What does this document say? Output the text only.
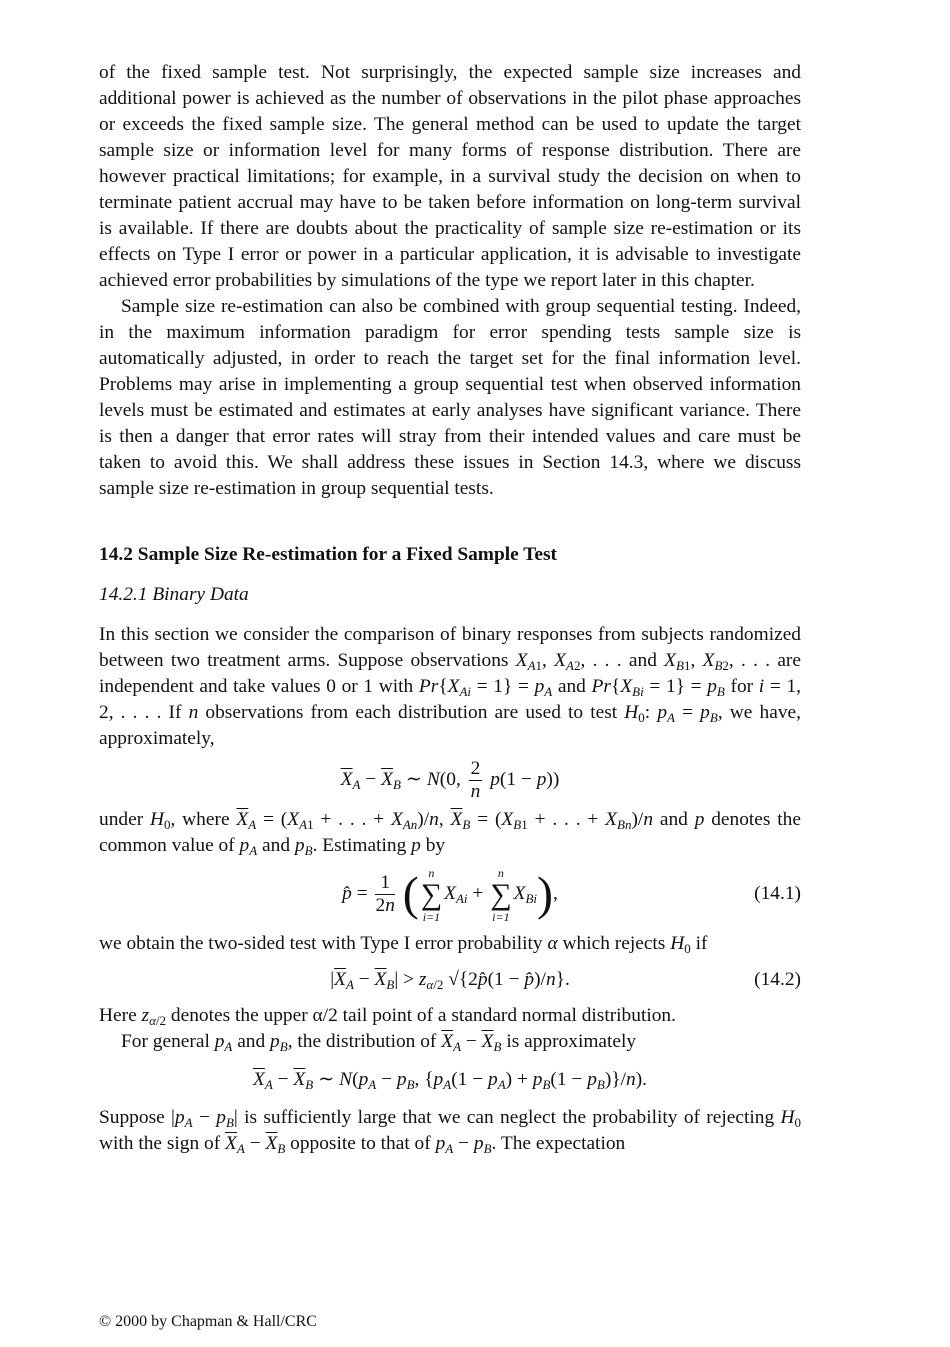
of the fixed sample test. Not surprisingly, the expected sample size increases and additional power is achieved as the number of observations in the pilot phase approaches or exceeds the fixed sample size. The general method can be used to update the target sample size or information level for many forms of response distribution. There are however practical limitations; for example, in a survival study the decision on when to terminate patient accrual may have to be taken before information on long-term survival is available. If there are doubts about the practicality of sample size re-estimation or its effects on Type I error or power in a particular application, it is advisable to investigate achieved error probabilities by simulations of the type we report later in this chapter.

Sample size re-estimation can also be combined with group sequential testing. Indeed, in the maximum information paradigm for error spending tests sample size is automatically adjusted, in order to reach the target set for the final information level. Problems may arise in implementing a group sequential test when observed information levels must be estimated and estimates at early analyses have significant variance. There is then a danger that error rates will stray from their intended values and care must be taken to avoid this. We shall address these issues in Section 14.3, where we discuss sample size re-estimation in group sequential tests.

14.2 Sample Size Re-estimation for a Fixed Sample Test
14.2.1 Binary Data

In this section we consider the comparison of binary responses from subjects randomized between two treatment arms. Suppose observations $X_{A1}$, $X_{A2}$, . . . and $X_{B1}$, $X_{B2}$, . . . are independent and take values 0 or 1 with $Pr\{X_{Ai} = 1\} = p_A$ and $Pr\{X_{Bi} = 1\} = p_B$ for i = 1, 2, . . . . If n observations from each distribution are used to test $H_0$: $p_A = p_B$, we have, approximately,

$\overline{X}_A - \overline{X}_B$ ∼ N(0, $\frac{2}{n} p(1 - p)$)

under $H_0$, where $\overline{X}_A = (X_{A1}$ + . . . + $X_{An})/n$, $\overline{X}_B = (X_{B1}$ + . . . + $X_{Bn})/n$ and p denotes the common value of $p_A$ and $p_B$. Estimating p by

p̂ = $\frac{1}{2n}$ ( n
∑
i=1
$X_{Ai}$ +
n
∑
i=1
$X_{Bi}$),	(14.1)

we obtain the two-sided test with Type I error probability α which rejects $H_0$ if

$|\overline{X}_A - \overline{X}_B| > z_{\alpha/2}$ √{2p̂(1 − p̂)/n}.	(14.2)

Here $z_{\alpha/2}$ denotes the upper α/2 tail point of a standard normal distribution.

For general $p_A$ and $p_B$, the distribution of $\overline{X}_A - \overline{X}_B$ is approximately

$\overline{X}_A - \overline{X}_B$ ∼ $N(p_A - p_B$, $\{p_A(1 - p_A) + p_B(1 - p_B)\}/n$).

Suppose $|p_A - p_B|$ is sufficiently large that we can neglect the probability of rejecting $H_0$ with the sign of $\overline{X}_A - \overline{X}_B$ opposite to that of $p_A - p_B$. The expectation

© 2000 by Chapman & Hall/CRC
